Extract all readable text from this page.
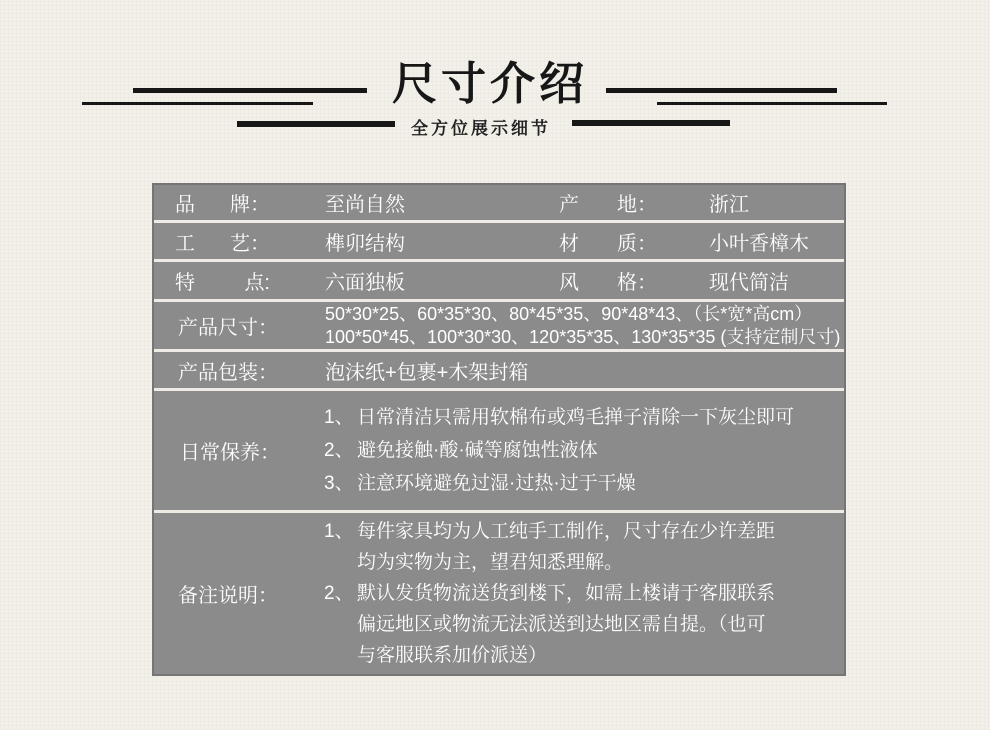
尺寸介绍
全方位展示细节
品 牌：	至尚自然	产 地：	浙江
工 艺：	榫卯结构	材 质：	小叶香樟木
特 点:	六面独板	风 格：	现代简洁
产品尺寸：
50*30*25、60*35*30、80*45*35、90*48*43、（长*宽*高cm）
100*50*45、100*30*30、120*35*35、130*35*35 (支持定制尺寸)
产品包装：	泡沫纸+包裹+木架封箱
日常保养：
1、 日常清洁只需用软棉布或鸡毛掸子清除一下灰尘即可
2、 避免接触·酸·碱等腐蚀性液体
3、 注意环境避免过湿·过热·过于干燥
备注说明：
1、 每件家具均为人工纯手工制作，尺寸存在少许差距
均为实物为主，望君知悉理解。
2、 默认发货物流送货到楼下，如需上楼请于客服联系
偏远地区或物流无法派送到达地区需自提。（也可
与客服联系加价派送）
